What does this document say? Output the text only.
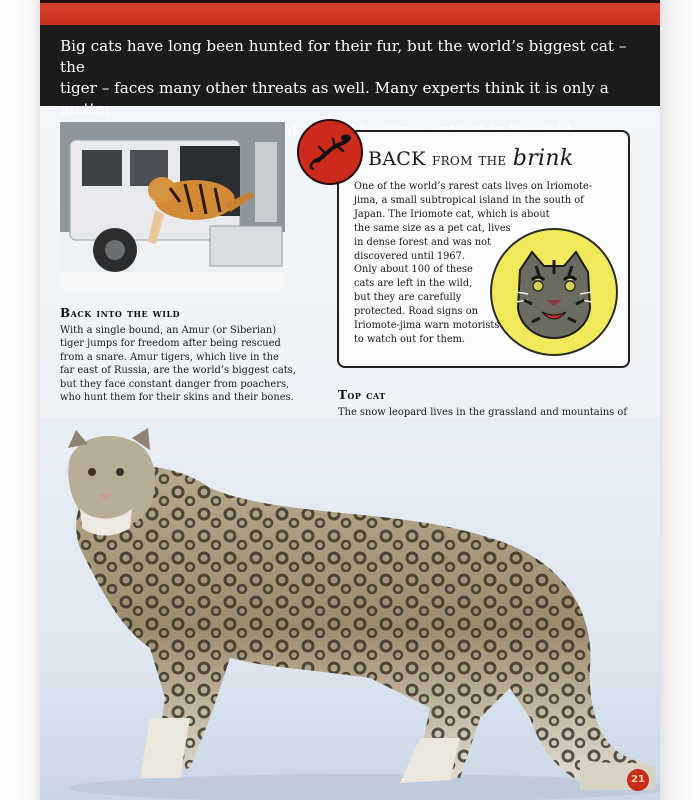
Big cats have long been hunted for their fur, but the world’s biggest cat – the
tiger – faces many other threats as well. Many experts think it is only a matter
Back into the wild
With a single bound, an Amur (or Siberian)
tiger jumps for freedom after being rescued
from a snare. Amur tigers, which live in the
far east of Russia, are the world’s biggest cats,
but they face constant danger from poachers,
who hunt them for their skins and their bones.
BACK from the brink
One of the world’s rarest cats lives on Iriomote-
jima, a small subtropical island in the south of
Japan. The Iriomote cat, which is about
the same size as a pet cat, lives
in dense forest and was not
discovered until 1967.
Only about 100 of these
cats are left in the wild,
but they are carefully
protected. Road signs on
Iriomote-jima warn motorists
to watch out for them.
Top cat
The snow leopard lives in the grassland and mountains of
21
